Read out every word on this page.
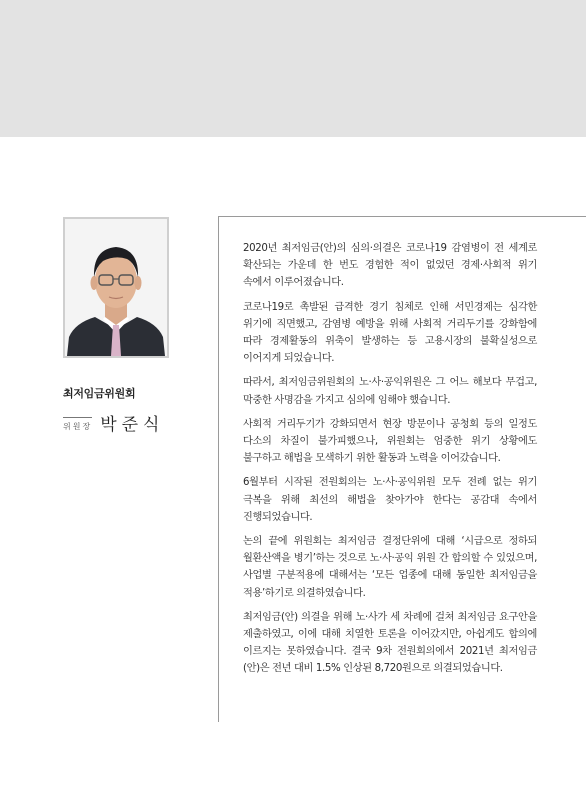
최저임금위원회
위원장 박준식

2020년 최저임금(안)의 심의·의결은 코로나19 감염병이 전 세계로 확산되는 가운데 한 번도 경험한 적이 없었던 경제·사회적 위기 속에서 이루어졌습니다.

코로나19로 촉발된 급격한 경기 침체로 인해 서민경제는 심각한 위기에 직면했고, 감염병 예방을 위해 사회적 거리두기를 강화함에 따라 경제활동의 위축이 발생하는 등 고용시장의 불확실성으로 이어지게 되었습니다.

따라서, 최저임금위원회의 노·사·공익위원은 그 어느 해보다 무겁고, 막중한 사명감을 가지고 심의에 임해야 했습니다.

사회적 거리두기가 강화되면서 현장 방문이나 공청회 등의 일정도 다소의 차질이 불가피했으나, 위원회는 엄중한 위기 상황에도 불구하고 해법을 모색하기 위한 활동과 노력을 이어갔습니다.

6월부터 시작된 전원회의는 노·사·공익위원 모두 전례 없는 위기 극복을 위해 최선의 해법을 찾아가야 한다는 공감대 속에서 진행되었습니다.

논의 끝에 위원회는 최저임금 결정단위에 대해 ‘시급으로 정하되 월환산액을 병기’하는 것으로 노·사·공익 위원 간 합의할 수 있었으며, 사업별 구분적용에 대해서는 ‘모든 업종에 대해 동일한 최저임금을 적용’하기로 의결하였습니다.

최저임금(안) 의결을 위해 노·사가 세 차례에 걸쳐 최저임금 요구안을 제출하였고, 이에 대해 치열한 토론을 이어갔지만, 아쉽게도 합의에 이르지는 못하였습니다. 결국 9차 전원회의에서 2021년 최저임금(안)은 전년 대비 1.5% 인상된 8,720원으로 의결되었습니다.
